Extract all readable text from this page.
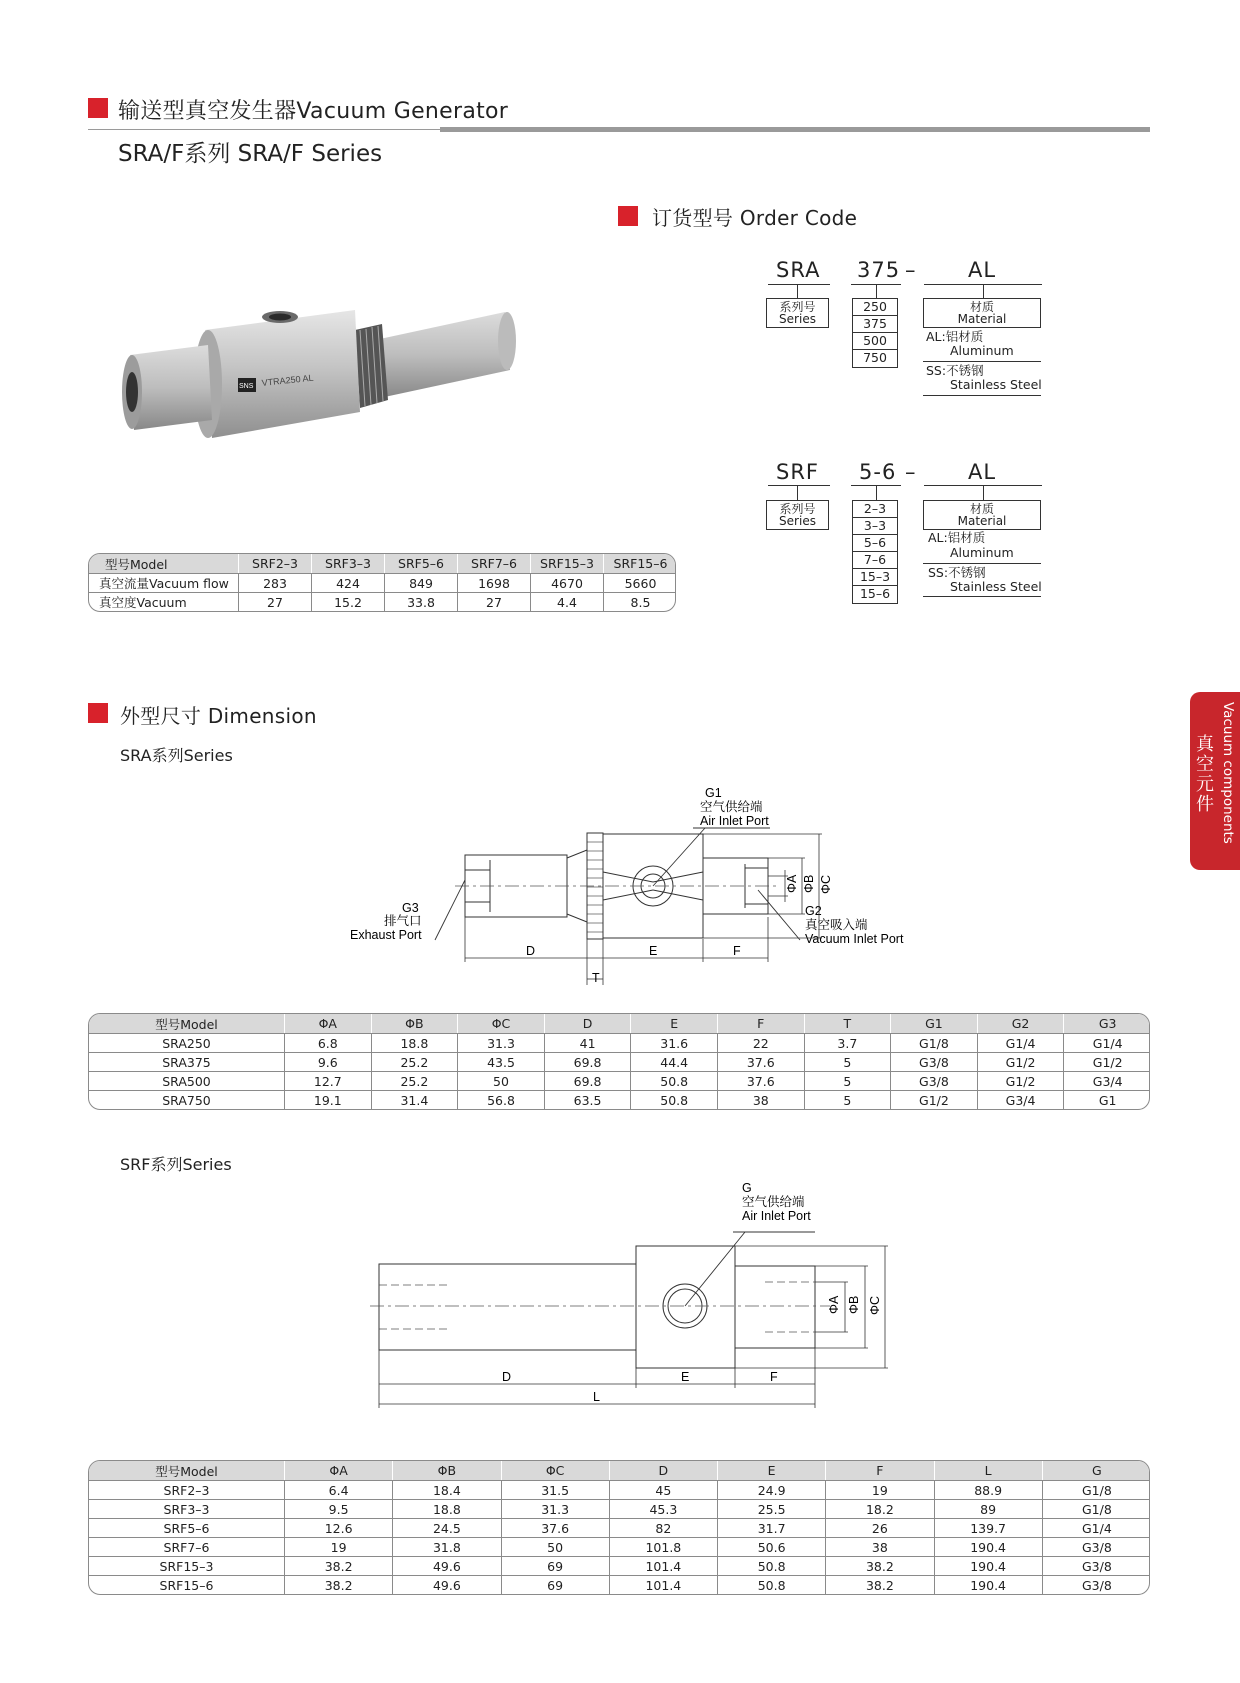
输送型真空发生器Vacuum Generator
SRA/F系列 SRA/F Series
SNS VTRA250 AL
型号Model	SRF2–3	SRF3–3	SRF5–6	SRF7–6	SRF15–3	SRF15–6
真空流量Vacuum flow	283	424	849	1698	4670	5660
真空度Vacuum	27	15.2	33.8	27	4.4	8.5
订货型号 Order Code
SRA 375 – AL
系列号
Series
250
375
500
750
材质
Material
AL:铝材质
Aluminum
SS:不锈钢
Stainless Steel
SRF 5-6 – AL
系列号
Series
2–3
3–3
5–6
7–6
15–3
15–6
材质
Material
AL:铝材质
Aluminum
SS:不锈钢
Stainless Steel
外型尺寸 Dimension
SRA系列Series
G1
空气供给端
Air Inlet Port
G3
排气口
Exhaust Port
G2
真空吸入端
Vacuum Inlet Port
ΦA ΦB ΦC
D	E	F
T
型号Model	ΦA	ΦB	ΦC	D	E	F	T	G1	G2	G3
SRA250	6.8	18.8	31.3	41	31.6	22	3.7	G1/8	G1/4	G1/4
SRA375	9.6	25.2	43.5	69.8	44.4	37.6	5	G3/8	G1/2	G1/2
SRA500	12.7	25.2	50	69.8	50.8	37.6	5	G3/8	G1/2	G3/4
SRA750	19.1	31.4	56.8	63.5	50.8	38	5	G1/2	G3/4	G1
SRF系列Series
G
空气供给端
Air Inlet Port
ΦA ΦB ΦC
D	E	F
L
型号Model	ΦA	ΦB	ΦC	D	E	F	L	G
SRF2–3	6.4	18.4	31.5	45	24.9	19	88.9	G1/8
SRF3–3	9.5	18.8	31.3	45.3	25.5	18.2	89	G1/8
SRF5–6	12.6	24.5	37.6	82	31.7	26	139.7	G1/4
SRF7–6	19	31.8	50	101.8	50.6	38	190.4	G3/8
SRF15–3	38.2	49.6	69	101.4	50.8	38.2	190.4	G3/8
SRF15–6	38.2	49.6	69	101.4	50.8	38.2	190.4	G3/8
Vacuum components
真空元件
